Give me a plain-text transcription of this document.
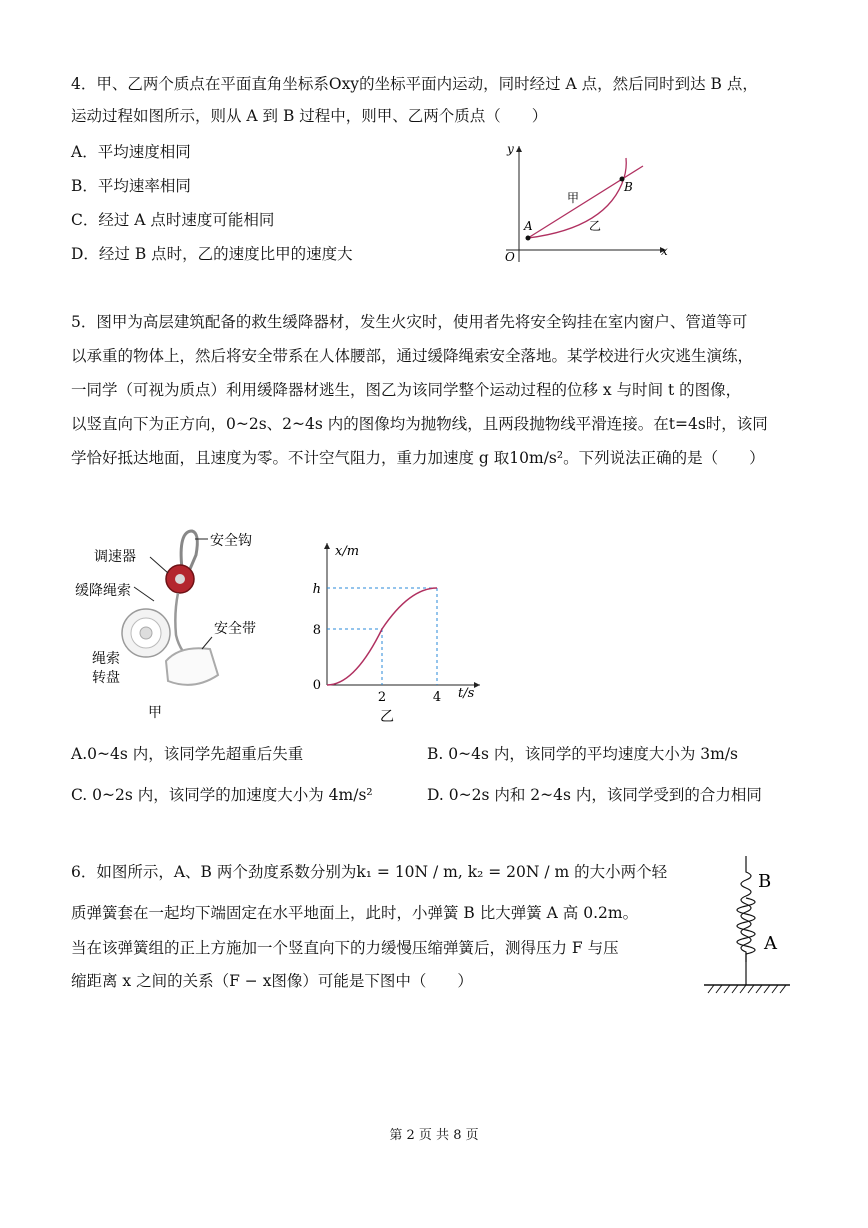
4．甲、乙两个质点在平面直角坐标系Oxy的坐标平面内运动，同时经过 A 点，然后同时到达 B 点，
运动过程如图所示，则从 A 到 B 过程中，则甲、乙两个质点（　　）
A．平均速度相同
B．平均速率相同
C．经过 A 点时速度可能相同
D．经过 B 点时，乙的速度比甲的速度大
y
x
O
A
B
甲
乙
5．图甲为高层建筑配备的救生缓降器材，发生火灾时，使用者先将安全钩挂在室内窗户、管道等可
以承重的物体上，然后将安全带系在人体腰部，通过缓降绳索安全落地。某学校进行火灾逃生演练，
一同学（可视为质点）利用缓降器材逃生，图乙为该同学整个运动过程的位移 x 与时间 t 的图像，
以竖直向下为正方向，0~2s、2~4s 内的图像均为抛物线，且两段抛物线平滑连接。在t=4s时，该同
学恰好抵达地面，且速度为零。不计空气阻力，重力加速度 g 取10m/s²。下列说法正确的是（　　）
安全钩
调速器
缓降绳索
安全带
绳索
转盘
甲
x/m
t/s
h
8
0
2	4
乙
A.0~4s 内，该同学先超重后失重	B. 0~4s 内，该同学的平均速度大小为 3m/s
C. 0~2s 内，该同学的加速度大小为 4m/s²	D. 0~2s 内和 2~4s 内，该同学受到的合力相同
6．如图所示，A、B 两个劲度系数分别为k₁ = 10N / m, k₂ = 20N / m 的大小两个轻
质弹簧套在一起均下端固定在水平地面上，此时，小弹簧 B 比大弹簧 A 高 0.2m。
当在该弹簧组的正上方施加一个竖直向下的力缓慢压缩弹簧后，测得压力 F 与压
缩距离 x 之间的关系（F − x图像）可能是下图中（　　）
B
A
第 2 页 共 8 页
